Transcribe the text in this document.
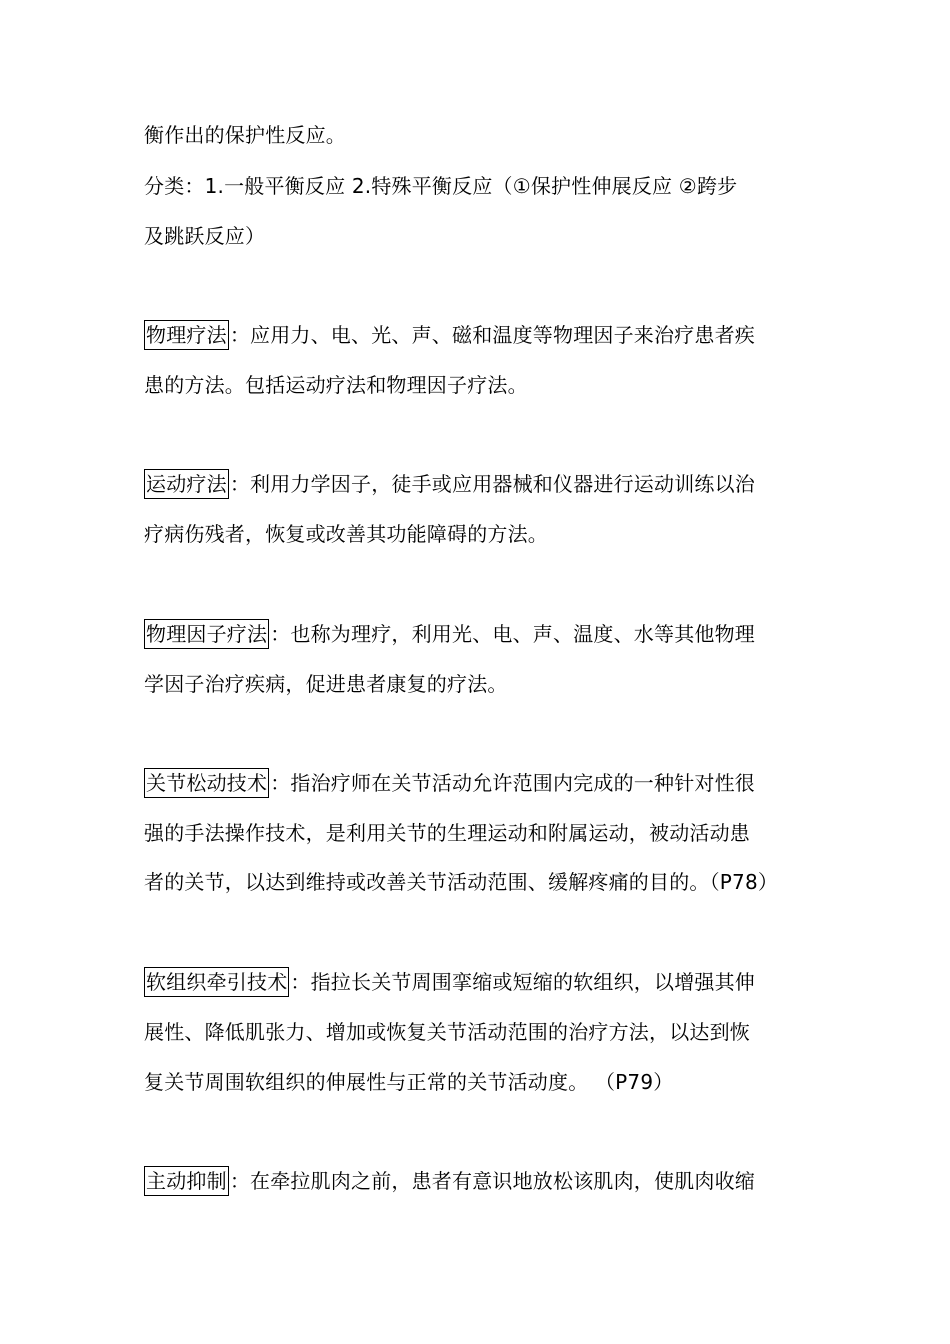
衡作出的保护性反应。
分类：1.一般平衡反应 2.特殊平衡反应（①保护性伸展反应 ②跨步
及跳跃反应）
物理疗法 ：应用力、电、光、声、磁和温度等物理因子来治疗患者疾
患的方法。包括运动疗法和物理因子疗法。
运动疗法 ：利用力学因子，徒手或应用器械和仪器进行运动训练以治
疗病伤残者，恢复或改善其功能障碍的方法。
物理因子疗法 ：也称为理疗，利用光、电、声、温度、水等其他物理
学因子治疗疾病，促进患者康复的疗法。
关节松动技术 ：指治疗师在关节活动允许范围内完成的一种针对性很
强的手法操作技术，是利用关节的生理运动和附属运动，被动活动患
者的关节，以达到维持或改善关节活动范围、缓解疼痛的目的。（P78）
软组织牵引技术 ：指拉长关节周围挛缩或短缩的软组织，以增强其伸
展性、降低肌张力、增加或恢复关节活动范围的治疗方法，以达到恢
复关节周围软组织的伸展性与正常的关节活动度。 （P79）
主动抑制 ：在牵拉肌肉之前，患者有意识地放松该肌肉，使肌肉收缩
